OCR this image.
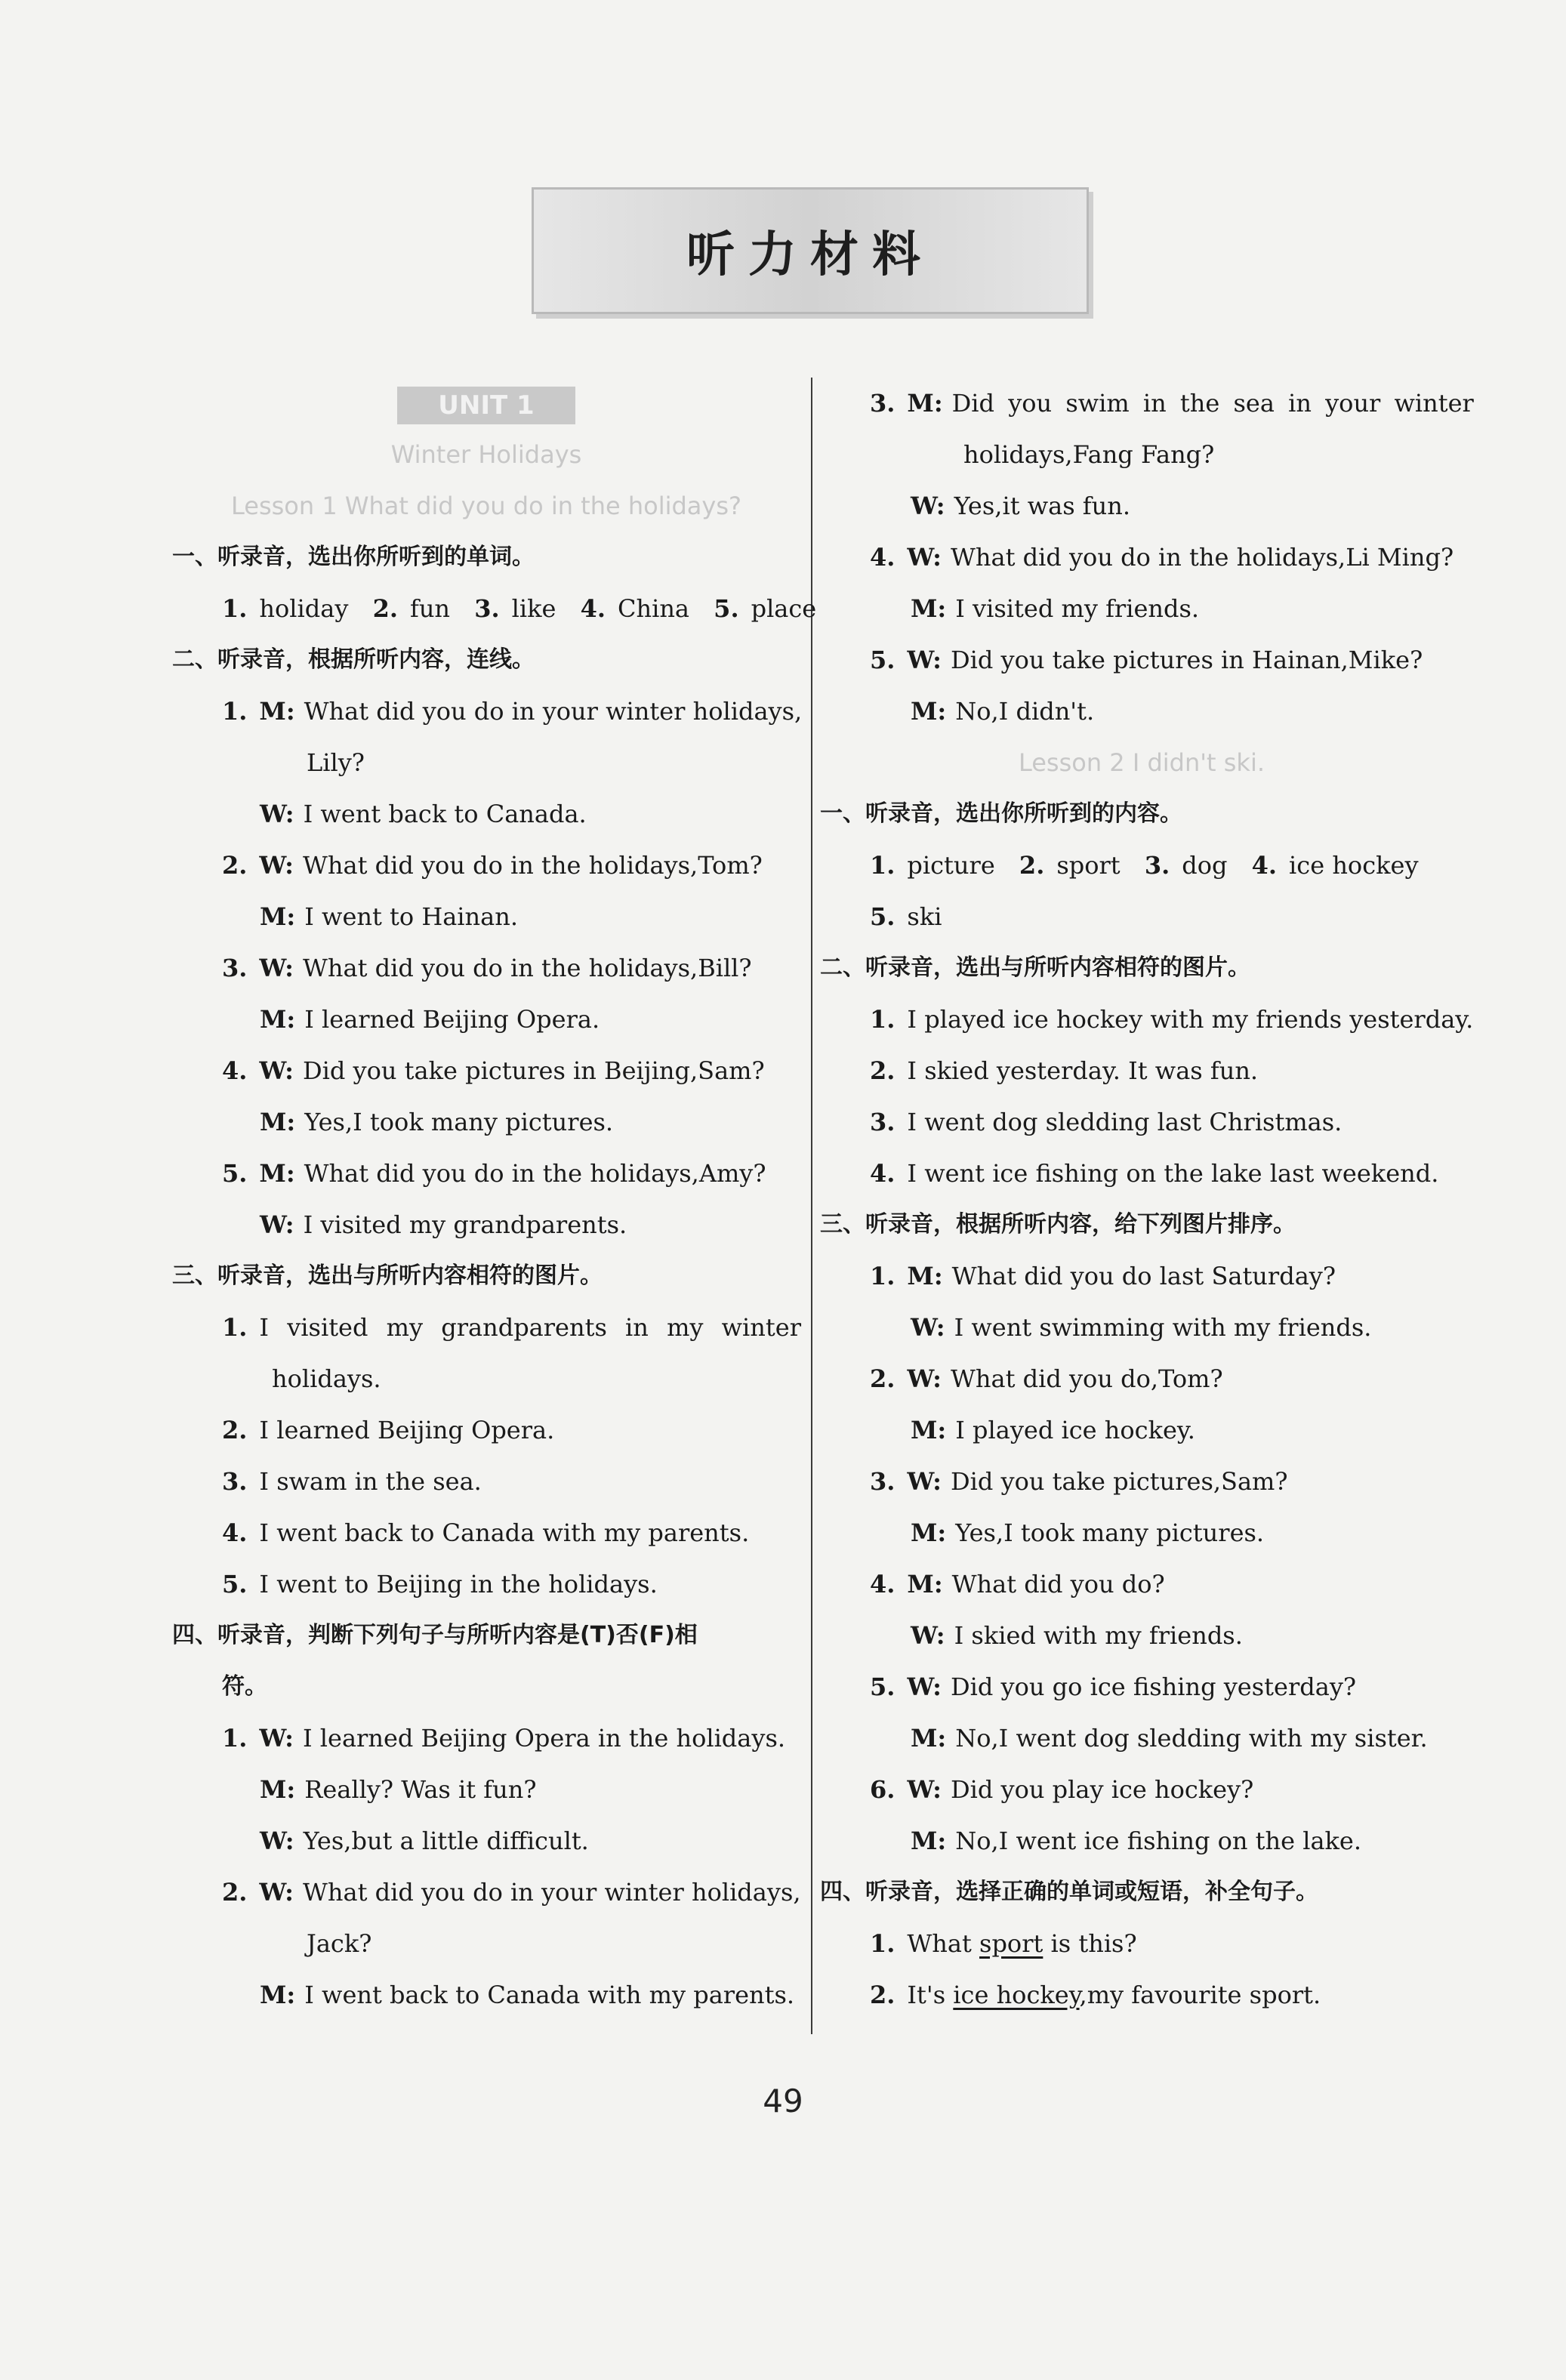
听力材料
UNIT 1
Winter Holidays
Lesson 1 What did you do in the holidays?
一、听录音，选出你所听到的单词。
1. holiday 2. fun 3. like 4. China 5. place
二、听录音，根据所听内容，连线。
1. M: What did you do in your winter holidays,
Lily?
W: I went back to Canada.
2. W: What did you do in the holidays,Tom?
M: I went to Hainan.
3. W: What did you do in the holidays,Bill?
M: I learned Beijing Opera.
4. W: Did you take pictures in Beijing,Sam?
M: Yes,I took many pictures.
5. M: What did you do in the holidays,Amy?
W: I visited my grandparents.
三、听录音，选出与所听内容相符的图片。
1. I visited my grandparents in my winter
holidays.
2. I learned Beijing Opera.
3. I swam in the sea.
4. I went back to Canada with my parents.
5. I went to Beijing in the holidays.
四、听录音，判断下列句子与所听内容是(T)否(F)相
符。
1. W: I learned Beijing Opera in the holidays.
M: Really? Was it fun?
W: Yes,but a little difficult.
2. W: What did you do in your winter holidays,
Jack?
M: I went back to Canada with my parents.
3. M: Did you swim in the sea in your winter
holidays,Fang Fang?
W: Yes,it was fun.
4. W: What did you do in the holidays,Li Ming?
M: I visited my friends.
5. W: Did you take pictures in Hainan,Mike?
M: No,I didn't.
Lesson 2 I didn't ski.
一、听录音，选出你所听到的内容。
1. picture 2. sport 3. dog 4. ice hockey
5. ski
二、听录音，选出与所听内容相符的图片。
1. I played ice hockey with my friends yesterday.
2. I skied yesterday. It was fun.
3. I went dog sledding last Christmas.
4. I went ice fishing on the lake last weekend.
三、听录音，根据所听内容，给下列图片排序。
1. M: What did you do last Saturday?
W: I went swimming with my friends.
2. W: What did you do,Tom?
M: I played ice hockey.
3. W: Did you take pictures,Sam?
M: Yes,I took many pictures.
4. M: What did you do?
W: I skied with my friends.
5. W: Did you go ice fishing yesterday?
M: No,I went dog sledding with my sister.
6. W: Did you play ice hockey?
M: No,I went ice fishing on the lake.
四、听录音，选择正确的单词或短语，补全句子。
1. What sport is this?
2. It's ice hockey,my favourite sport.
49
